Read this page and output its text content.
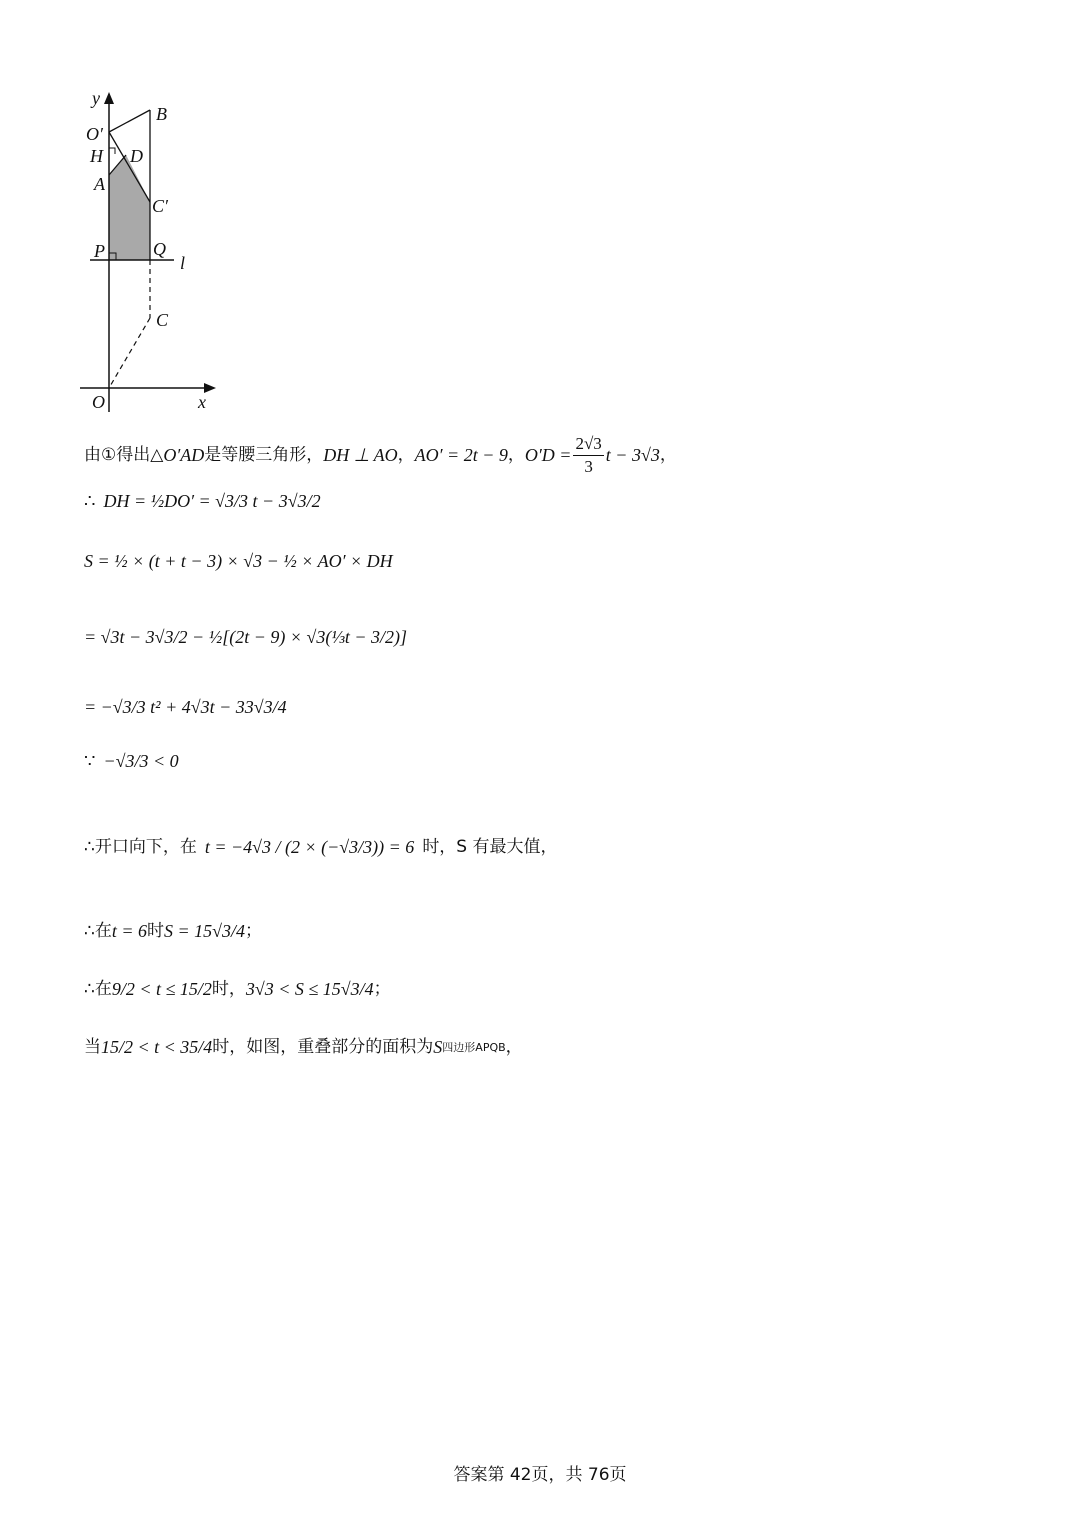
y
B
O′
H D
A
C′
P	Q
l
C
O	x
由①得出△ O′AD 是等腰三角形， DH ⊥ AO ， AO′ = 2t − 9 ， $O'D = \frac{2√3}{3}$ t − 3√3 ，
∴ DH = ½DO′ = √3/3 t − 3√3/2
S = ½ × (t + t − 3) × √3 − ½ × AO′ × DH
= √3t − 3√3/2 − ½[(2t − 9) × √3(⅓t − 3/2)]
= −√3/3 t² + 4√3t − 33√3/4
∵ −√3/3 < 0
∴开口向下，在 t = −4√3 / (2 × (−√3/3)) = 6 时，S 有最大值，
∴在 t = 6 时 S = 15√3/4 ；
∴在 9/2 < t ≤ 15/2 时， 3√3 < S ≤ 15√3/4 ；
当 15/2 < t < 35/4 时，如图，重叠部分的面积为 S 四边形APQB ，
答案第 42页，共 76页
